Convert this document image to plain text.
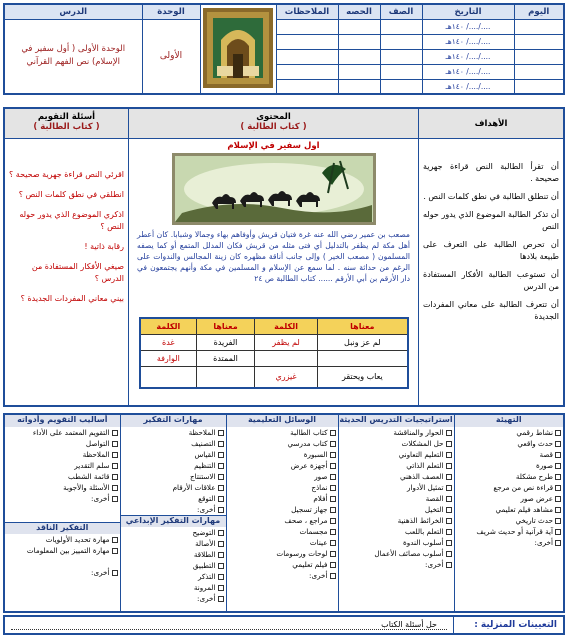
اليوم	التاريخ	الصف	الحصه	الملاحظات		الوحدة	الدرس
	..../..../ ١٤٠هـ					الأولى	الوحدة الأولى ( أول سفير في الإسلام) نص الفهم القرآني
	..../..../ ١٤٠هـ						
	..../..../ ١٤٠هـ						
	..../..../ ١٤٠هـ						
	..../..../ ١٤٠هـ						
الأهداف
أن تقرأ الطالبة النص قراءة جهرية صحيحة .
أن تنطلق الطالبة في نطق كلمات النص .
أن تذكر الطالبة الموضوع الذي يدور حوله النص
أن تحرص الطالبة على التعرف على طبيعة بلادها
أن تستوعب الطالبة الأفكار المستفادة من الدرس
أن تتعرف الطالبة على معاني المفردات الجديدة
المحتوى
( كتاب الطالبة )
اول سفير في الإسلام
مصعب بن عمير رضي الله عنه غرة فتيان قريش وأوفاهم بهاء وجمالا وشبابا. كان أعطر أهل مكة لم يظفر بالتدليل أي فتى مثله من قريش فكان المدلل المتمع أو كما يصفه المسلمون ( مصعب الخير ) وإلى جانب أناقة مظهره كان زينة المجالس والندوات على الرغم من حداثة سنه . لما سمع عن الإسلام و المسلمين في مكة وأنهم يجتمعون في دار الأرقم بن أبي الأرقم ...... كتاب الطالبة ص ٢٤
معناها	الكلمة	معناها	الكلمة
لم عز ونبل	لم يظفر	الفريدة	غدة
		الممتدة	الوارفة
يعاب ويحتقر	غيزري		
أسئلة التقويم
( كتاب الطالبة )
اقرئي النص قراءة جهرية صحيحة ؟
انطلقي في نطق كلمات النص ؟
اذكري الموضوع الذي يدور حوله النص ؟
رقابة ذاتية !
صيغي الأفكار المستفادة من الدرس ؟
بيني معاني المفردات الجديدة ؟
التهيئة
نشاط رقمي
حدث واقعي
قصة
صورة
طرح مشكلة
قراءة نص من مرجع
عرض صور
مشاهد فيلم تعليمي
حدث تاريخي
آية قرآنية أو حديث شريف
أخرى:

استراتيجيات التدريس الحديثة
الحوار والمناقشة
حل المشكلات
التعليم التعاوني
التعلم الذاتي
العصف الذهني
تمثيل الأدوار
القصة
التخيل
الخرائط الذهنية
التعلم باللعب
أسلوب الندوة
أسلوب مصائف الأعمال
أخرى:

الوسائل التعليمية
كتاب الطالبة
كتاب مدرسي
السبورة
أجهزة عرض
صور
نماذج
أفلام
جهاز تسجيل
مراجع ، صحف
مجسمات
عينات
لوحات ورسومات
فيلم تعليمي
أخرى:

مهارات التفكير
الملاحظة
التصنيف
القياس
التنظيم
الاستنتاج
علاقات الأرقام
التوقع
أخرى:
مهارات التفكير الإبداعي
التوضيح
الأصالة
الطلاقة
التطبيق
التذكر
المرونة
أخرى:

أساليب التقويم وأدواته
التقويم المعتمد على الأداء
التواصل
الملاحظة
سلم التقدير
قائمة الشطب
الأسئلة والأجوبة
أخرى:
التفكير الناقد
مهارة تحديد الأولويات
مهارة التمييز بين المعلومات
أخرى:
التعيينات المنزلية :
حل أسئلة الكتاب
